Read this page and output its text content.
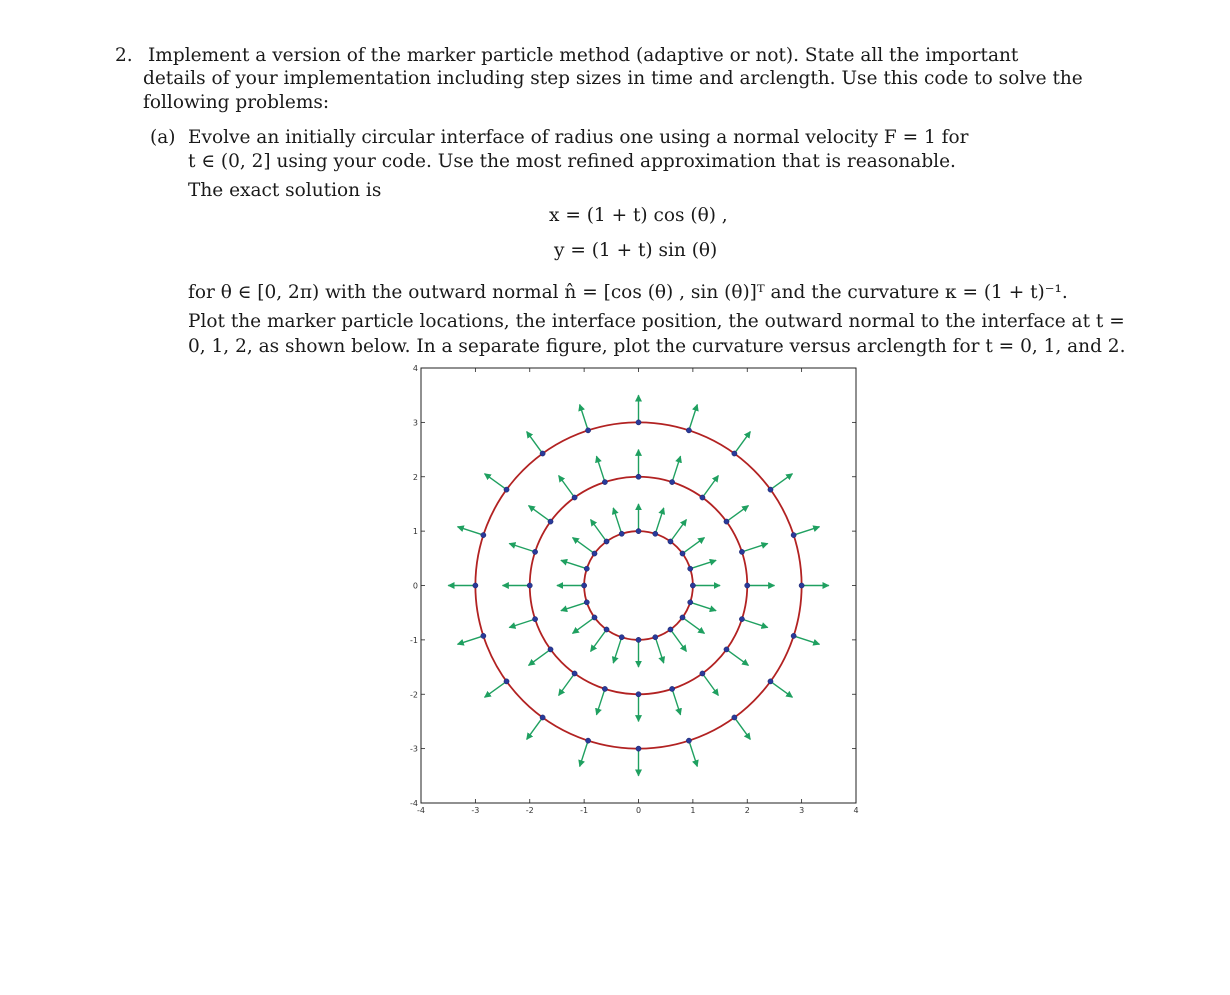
2. Implement a version of the marker particle method (adaptive or not). State all the important
details of your implementation including step sizes in time and arclength. Use this code to solve the
following problems:
(a) Evolve an initially circular interface of radius one using a normal velocity F = 1 for
t ∈ (0, 2] using your code. Use the most refined approximation that is reasonable.
The exact solution is
x = (1 + t) cos (θ) ,
y = (1 + t) sin (θ)
for θ ∈ [0, 2π) with the outward normal n̂ = [cos (θ) , sin (θ)]ᵀ and the curvature κ = (1 + t)⁻¹.
Plot the marker particle locations, the interface position, the outward normal to the interface at t =
0, 1, 2, as shown below. In a separate figure, plot the curvature versus arclength for t = 0, 1, and 2.
-4	-3	-2	-1	0	1	2	3	4
-4
-3
-2
-1
0
1
2
3
4
